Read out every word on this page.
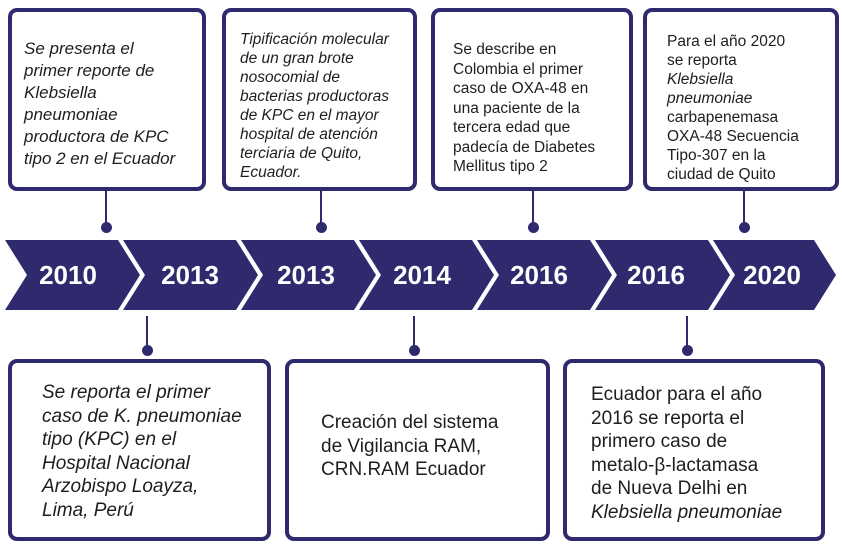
2010	2013	2013	2014	2016	2016	2020

Se presenta el

primer reporte de

Klebsiella

pneumoniae

productora de KPC

tipo 2 en el Ecuador

Tipificación molecular

de un gran brote

nosocomial de

bacterias productoras

de KPC en el mayor

hospital de atención

terciaria de Quito,

Ecuador.

Se describe en

Colombia el primer

caso de OXA-48 en

una paciente de la

tercera edad que

padecía de Diabetes

Mellitus tipo 2

Para el año 2020

se reporta

Klebsiella

pneumoniae

carbapenemasa

OXA-48 Secuencia

Tipo-307 en la

ciudad de Quito

Se reporta el primer

caso de K. pneumoniae

tipo (KPC) en el

Hospital Nacional

Arzobispo Loayza,

Lima, Perú

Creación del sistema

de Vigilancia RAM,

CRN.RAM Ecuador

Ecuador para el año

2016 se reporta el

primero caso de

metalo-β-lactamasa

de Nueva Delhi en

Klebsiella pneumoniae
